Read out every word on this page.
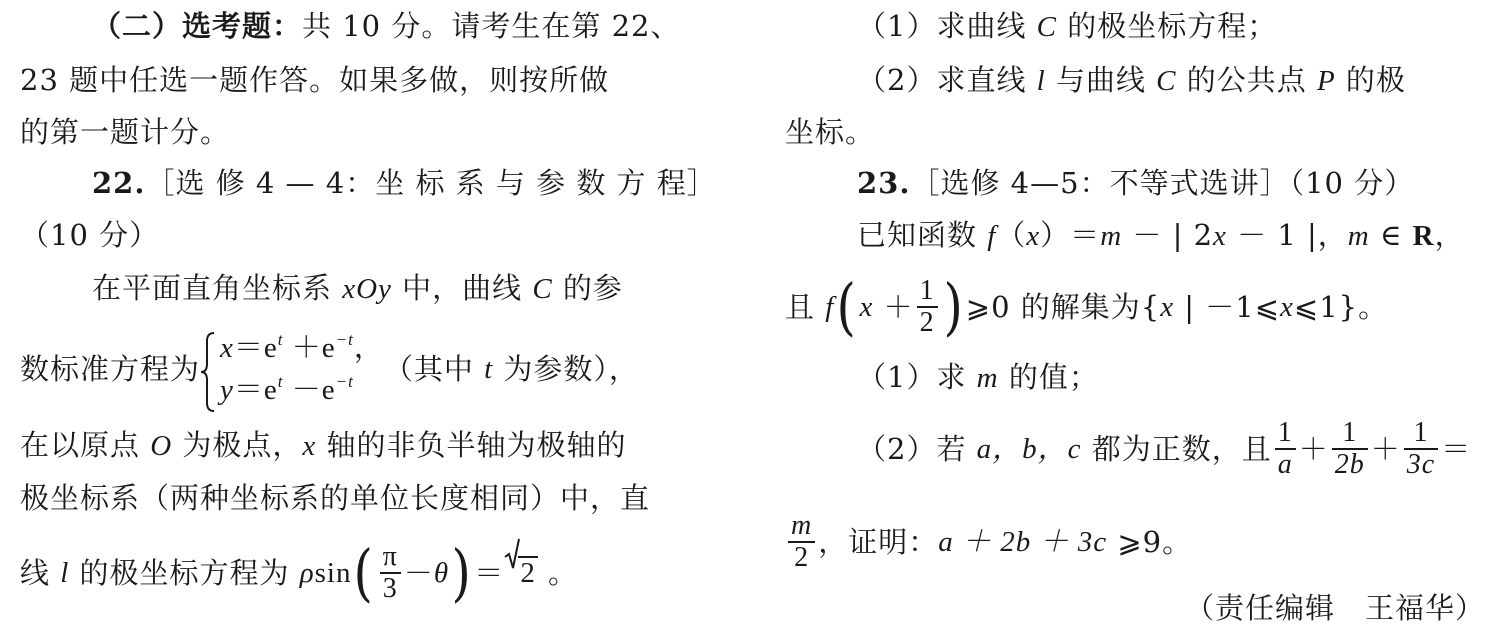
（二）选考题：共 10 分。请考生在第 22、
23 题中任选一题作答。如果多做，则按所做
的第一题计分。
22.［选 修 4 — 4：坐 标 系 与 参 数 方 程］
（10 分）
在平面直角坐标系 xOy 中，曲线 C 的参
数标准方程为
$x=e^t +e^{-t}$，
$y=e^t -e^{-t}$	（其中 t 为参数），
在以原点 O 为极点，x 轴的非负半轴为极轴的
极坐标系（两种坐标系的单位长度相同）中，直
线 l 的极坐标方程为 $\rho\sin( \frac{\pi}{3} -\theta)= 2$ 。
（1）求曲线 C 的极坐标方程；
（2）求直线 l 与曲线 C 的公共点 P 的极
坐标。
23.［选修 4—5：不等式选讲］（10 分）
已知函数 f（x）＝m － | 2x － 1 |，m ∈ R，
且 $f(x + \frac{1}{2}$ )⩾0 的解集为{x | －1⩽x⩽1}。
（1）求 m 的值；
（2）若 a，b，c 都为正数，且 $\frac{1}{a} + \frac{1}{2b} + \frac{1}{3c}$ ＝
$\frac{m}{2}$ ，证明：a ＋ 2b ＋ 3c ⩾9。
（责任编辑　王福华）
